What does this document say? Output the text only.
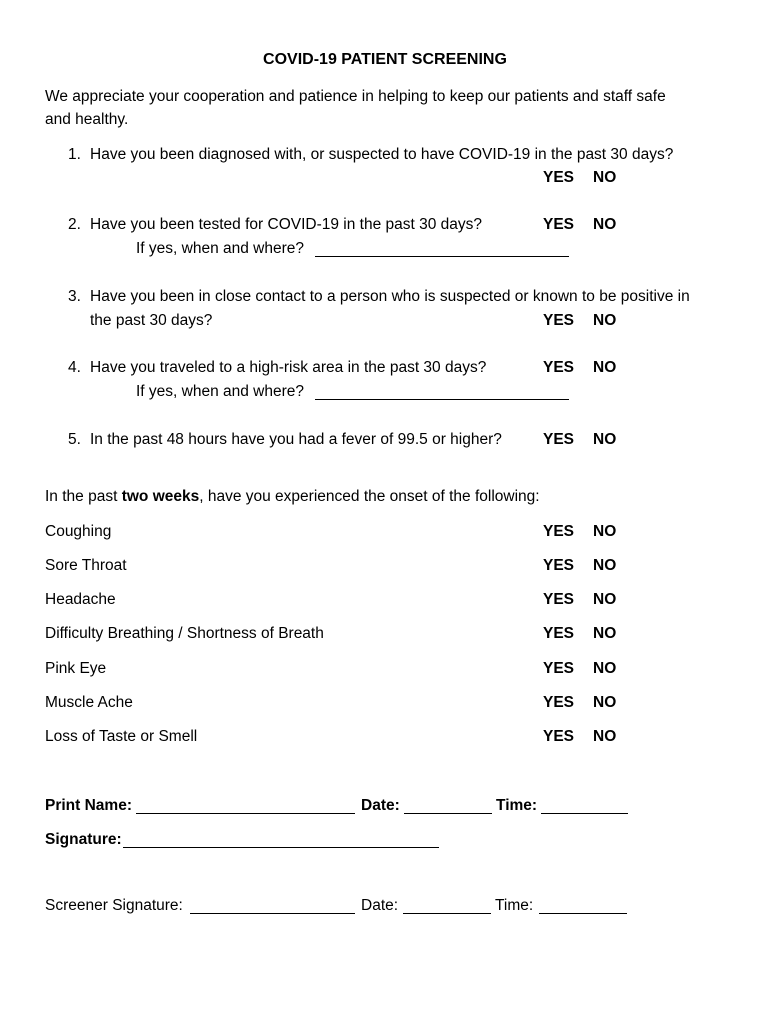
COVID-19 PATIENT SCREENING
We appreciate your cooperation and patience in helping to keep our patients and staff safe
and healthy.
1. Have you been diagnosed with, or suspected to have COVID-19 in the past 30 days?
YES NO
2. Have you been tested for COVID-19 in the past 30 days?	YES NO
If yes, when and where?
3. Have you been in close contact to a person who is suspected or known to be positive in
the past 30 days?	YES NO
4. Have you traveled to a high-risk area in the past 30 days?	YES NO
If yes, when and where?
5. In the past 48 hours have you had a fever of 99.5 or higher?	YES NO
In the past two weeks, have you experienced the onset of the following:
Coughing	YES NO
Sore Throat	YES NO
Headache	YES NO
Difficulty Breathing / Shortness of Breath	YES NO
Pink Eye	YES NO
Muscle Ache	YES NO
Loss of Taste or Smell	YES NO
Print Name:	Date:	Time:
Signature:
Screener Signature:	Date:	Time:
